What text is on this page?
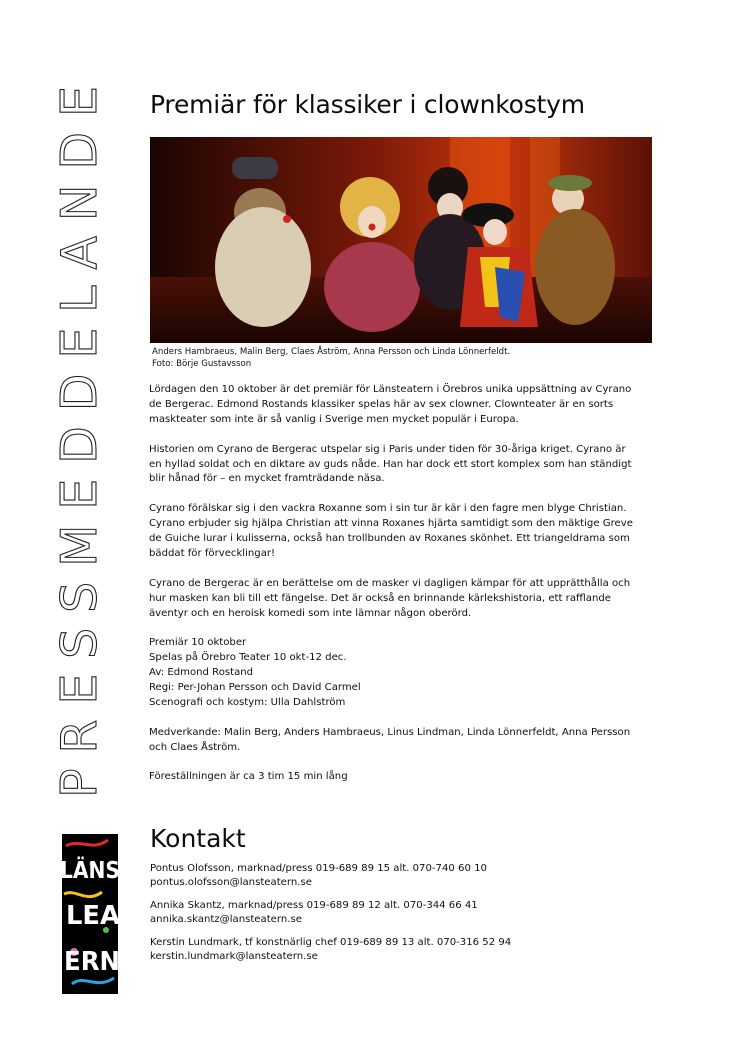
PRESSMEDDELANDE Premiär för klassiker i clownkostym
Anders Hambraeus, Malin Berg, Claes Åström, Anna Persson och Linda Lönnerfeldt.
Foto: Börje Gustavsson

Lördagen den 10 oktober är det premiär för Länsteatern i Örebros unika uppsättning av Cyrano
de Bergerac. Edmond Rostands klassiker spelas här av sex clowner. Clownteater är en sorts
maskteater som inte är så vanlig i Sverige men mycket populär i Europa.

Historien om Cyrano de Bergerac utspelar sig i Paris under tiden för 30-åriga kriget. Cyrano är
en hyllad soldat och en diktare av guds nåde. Han har dock ett stort komplex som han ständigt
blir hånad för – en mycket framträdande näsa.

Cyrano förälskar sig i den vackra Roxanne som i sin tur är kär i den fagre men blyge Christian.
Cyrano erbjuder sig hjälpa Christian att vinna Roxanes hjärta samtidigt som den mäktige Greve
de Guiche lurar i kulisserna, också han trollbunden av Roxanes skönhet. Ett triangeldrama som
bäddat för förvecklingar!

Cyrano de Bergerac är en berättelse om de masker vi dagligen kämpar för att upprätthålla och
hur masken kan bli till ett fängelse. Det är också en brinnande kärlekshistoria, ett rafflande
äventyr och en heroisk komedi som inte lämnar någon oberörd.

Premiär 10 oktober
Spelas på Örebro Teater 10 okt-12 dec.
Av: Edmond Rostand
Regi: Per-Johan Persson och David Carmel
Scenografi och kostym: Ulla Dahlström

Medverkande: Malin Berg, Anders Hambraeus, Linus Lindman, Linda Lönnerfeldt, Anna Persson
och Claes Åström.

Föreställningen är ca 3 tim 15 min lång

LÄNS
LEA
ERN
Kontakt
Pontus Olofsson, marknad/press 019-689 89 15 alt. 070-740 60 10
pontus.olofsson@lansteatern.se
Annika Skantz, marknad/press 019-689 89 12 alt. 070-344 66 41
annika.skantz@lansteatern.se
Kerstin Lundmark, tf konstnärlig chef 019-689 89 13 alt. 070-316 52 94
kerstin.lundmark@lansteatern.se
